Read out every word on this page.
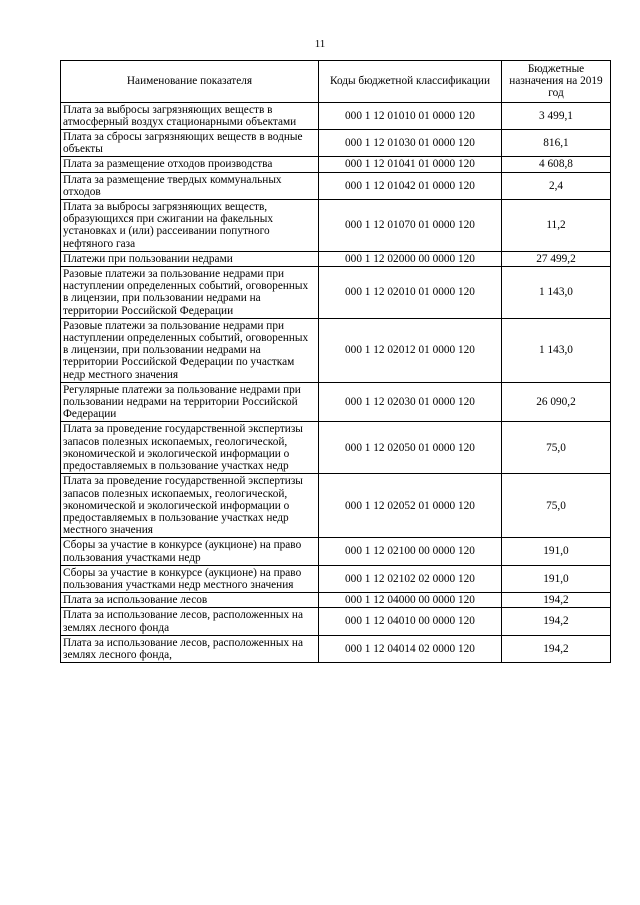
11
Наименование показателя	Коды бюджетной классификации	Бюджетные назначения на 2019 год
Плата за выбросы загрязняющих веществ в атмосферный воздух стационарными объектами	000 1 12 01010 01 0000 120	3 499,1
Плата за сбросы загрязняющих веществ в водные объекты	000 1 12 01030 01 0000 120	816,1
Плата за размещение отходов производства	000 1 12 01041 01 0000 120	4 608,8
Плата за размещение твердых коммунальных отходов	000 1 12 01042 01 0000 120	2,4
Плата за выбросы загрязняющих веществ, образующихся при сжигании на факельных установках и (или) рассеивании попутного нефтяного газа	000 1 12 01070 01 0000 120	11,2
Платежи при пользовании недрами	000 1 12 02000 00 0000 120	27 499,2
Разовые платежи за пользование недрами при наступлении определенных событий, оговоренных в лицензии, при пользовании недрами на территории Российской Федерации	000 1 12 02010 01 0000 120	1 143,0
Разовые платежи за пользование недрами при наступлении определенных событий, оговоренных в лицензии, при пользовании недрами на территории Российской Федерации по участкам недр местного значения	000 1 12 02012 01 0000 120	1 143,0
Регулярные платежи за пользование недрами при пользовании недрами на территории Российской Федерации	000 1 12 02030 01 0000 120	26 090,2
Плата за проведение государственной экспертизы запасов полезных ископаемых, геологической, экономической и экологической информации о предоставляемых в пользование участках недр	000 1 12 02050 01 0000 120	75,0
Плата за проведение государственной экспертизы запасов полезных ископаемых, геологической, экономической и экологической информации о предоставляемых в пользование участках недр местного значения	000 1 12 02052 01 0000 120	75,0
Сборы за участие в конкурсе (аукционе) на право пользования участками недр	000 1 12 02100 00 0000 120	191,0
Сборы за участие в конкурсе (аукционе) на право пользования участками недр местного значения	000 1 12 02102 02 0000 120	191,0
Плата за использование лесов	000 1 12 04000 00 0000 120	194,2
Плата за использование лесов, расположенных на землях лесного фонда	000 1 12 04010 00 0000 120	194,2
Плата за использование лесов, расположенных на землях лесного фонда,	000 1 12 04014 02 0000 120	194,2
